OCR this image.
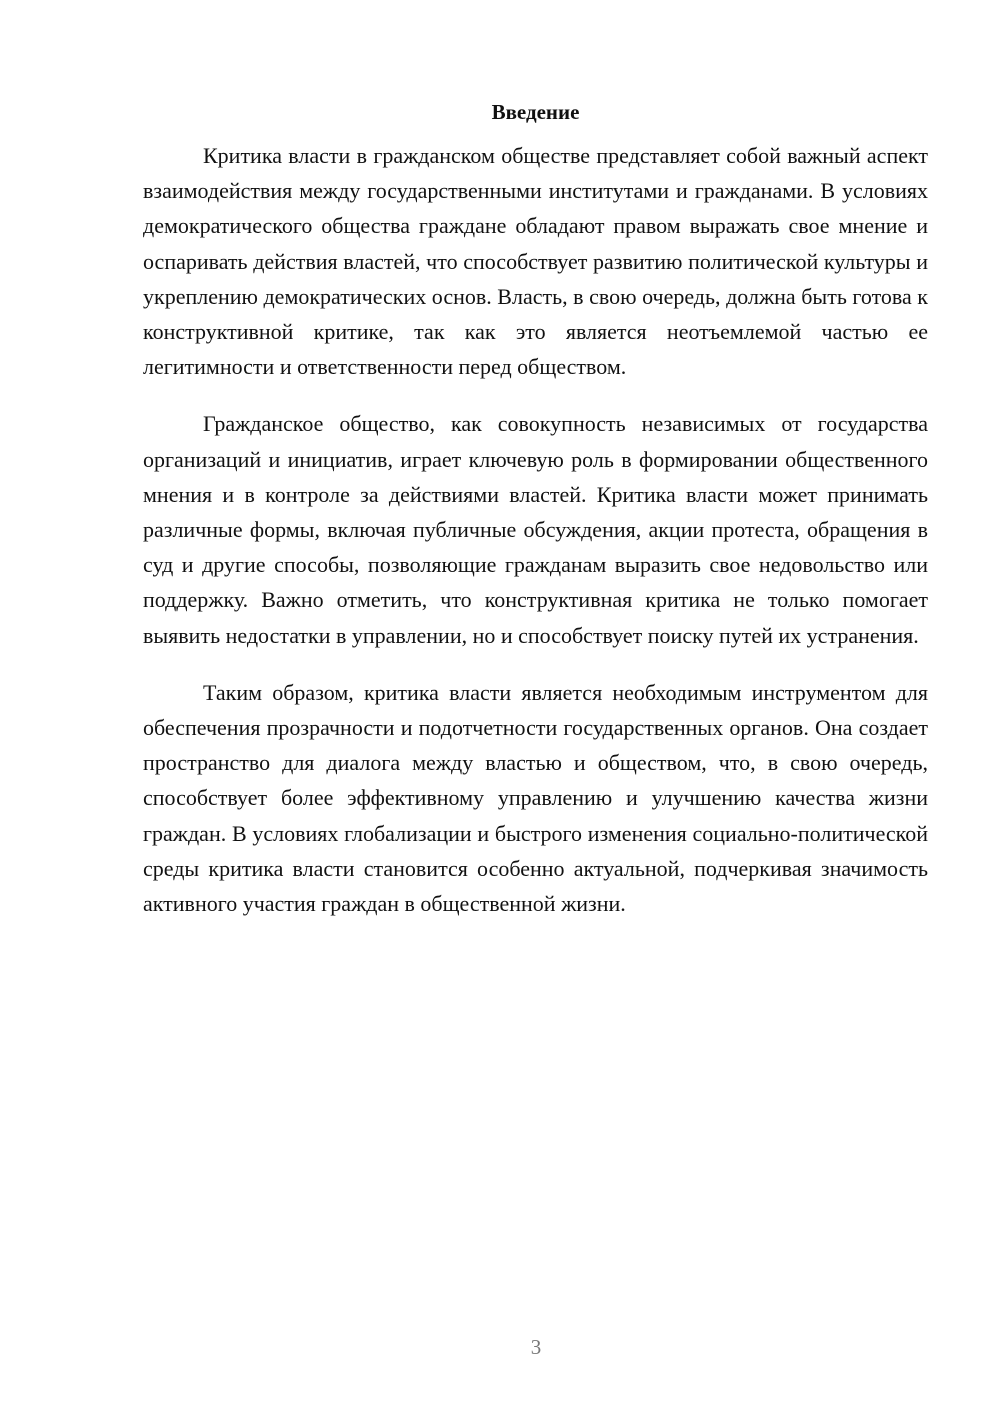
Введение

Критика власти в гражданском обществе представляет собой важный аспект взаимодействия между государственными институтами и гражданами. В условиях демократического общества граждане обладают правом выражать свое мнение и оспаривать действия властей, что способствует развитию политической культуры и укреплению демократических основ. Власть, в свою очередь, должна быть готова к конструктивной критике, так как это является неотъемлемой частью ее легитимности и ответственности перед обществом.

Гражданское общество, как совокупность независимых от государства организаций и инициатив, играет ключевую роль в формировании общественного мнения и в контроле за действиями властей. Критика власти может принимать различные формы, включая публичные обсуждения, акции протеста, обращения в суд и другие способы, позволяющие гражданам выразить свое недовольство или поддержку. Важно отметить, что конструктивная критика не только помогает выявить недостатки в управлении, но и способствует поиску путей их устранения.

Таким образом, критика власти является необходимым инструментом для обеспечения прозрачности и подотчетности государственных органов. Она создает пространство для диалога между властью и обществом, что, в свою очередь, способствует более эффективному управлению и улучшению качества жизни граждан. В условиях глобализации и быстрого изменения социально-политической среды критика власти становится особенно актуальной, подчеркивая значимость активного участия граждан в общественной жизни.

3
